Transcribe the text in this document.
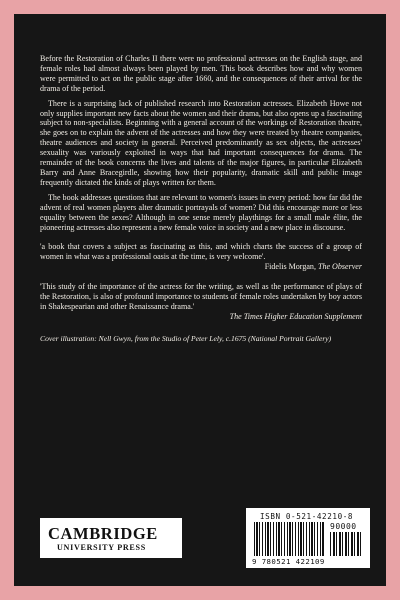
Before the Restoration of Charles II there were no professional actresses on the English stage, and female roles had almost always been played by men. This book describes how and why women were permitted to act on the public stage after 1660, and the consequences of their arrival for the drama of the period.

There is a surprising lack of published research into Restoration actresses. Elizabeth Howe not only supplies important new facts about the women and their drama, but also opens up a fascinating subject to non-specialists. Beginning with a general account of the workings of Restoration theatre, she goes on to explain the advent of the actresses and how they were treated by theatre companies, theatre audiences and society in general. Perceived predominantly as sex objects, the actresses' sexuality was variously exploited in ways that had important consequences for drama. The remainder of the book concerns the lives and talents of the major figures, in particular Elizabeth Barry and Anne Bracegirdle, showing how their popularity, dramatic skill and public image frequently dictated the kinds of plays written for them.

The book addresses questions that are relevant to women's issues in every period: how far did the advent of real women players alter dramatic portrayals of women? Did this encourage more or less equality between the sexes? Although in one sense merely playthings for a small male élite, the pioneering actresses also represent a new female voice in society and a new place in discourse.

'a book that covers a subject as fascinating as this, and which charts the success of a group of women in what was a professional oasis at the time, is very welcome'.

Fidelis Morgan, The Observer

'This study of the importance of the actress for the writing, as well as the performance of plays of the Restoration, is also of profound importance to students of female roles undertaken by boy actors in Shakespearian and other Renaissance drama.'

The Times Higher Education Supplement

Cover illustration: Nell Gwyn, from the Studio of Peter Lely, c.1675 (National Portrait Gallery)
CAMBRIDGE
UNIVERSITY PRESS
ISBN 0-521-42210-8
90000
9 780521 422109
